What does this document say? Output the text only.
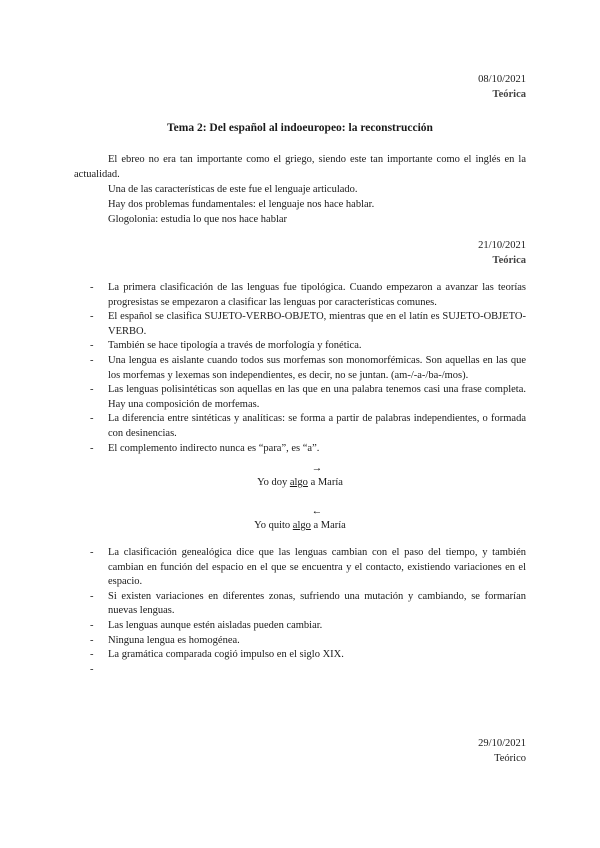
08/10/2021
Teórica
Tema 2: Del español al indoeuropeo: la reconstrucción

El ebreo no era tan importante como el griego, siendo este tan importante como el inglés en la actualidad.

Una de las características de este fue el lenguaje articulado.

Hay dos problemas fundamentales: el lenguaje nos hace hablar.

Glogolonia: estudia lo que nos hace hablar

21/10/2021
Teórica
- La primera clasificación de las lenguas fue tipológica. Cuando empezaron a avanzar las teorías progresistas se empezaron a clasificar las lenguas por características comunes.
- El español se clasifica SUJETO-VERBO-OBJETO, mientras que en el latín es SUJETO-OBJETO-VERBO.
- También se hace tipología a través de morfología y fonética.
- Una lengua es aislante cuando todos sus morfemas son monomorfémicas. Son aquellas en las que los morfemas y lexemas son independientes, es decir, no se juntan. (am-/-a-/ba-/mos).
- Las lenguas polisintéticas son aquellas en las que en una palabra tenemos casi una frase completa. Hay una composición de morfemas.
- La diferencia entre sintéticas y analíticas: se forma a partir de palabras independientes, o formada con desinencias.
- El complemento indirecto nunca es “para”, es “a”.
→
Yo doy algo a María
←
Yo quito algo a María
- La clasificación genealógica dice que las lenguas cambian con el paso del tiempo, y también cambian en función del espacio en el que se encuentra y el contacto, existiendo variaciones en el espacio.
- Si existen variaciones en diferentes zonas, sufriendo una mutación y cambiando, se formarían nuevas lenguas.
- Las lenguas aunque estén aisladas pueden cambiar.
- Ninguna lengua es homogénea.
- La gramática comparada cogió impulso en el siglo XIX.
-
29/10/2021
Teórico
